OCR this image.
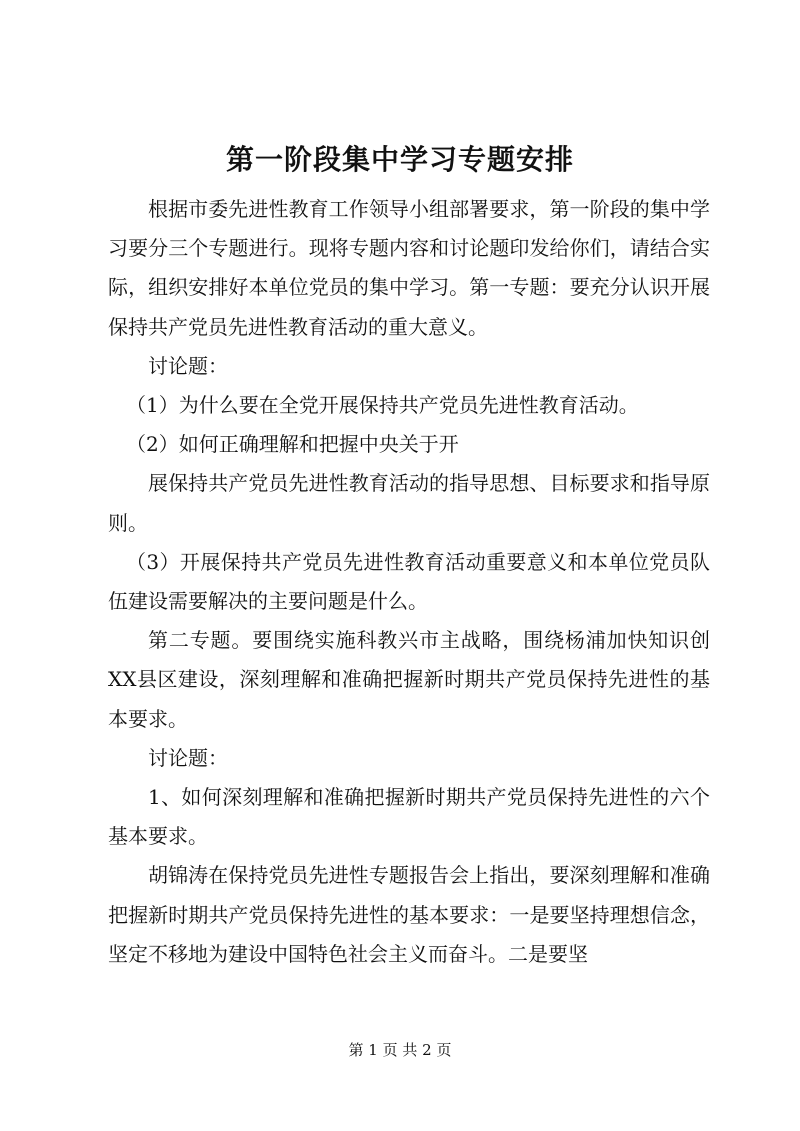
第一阶段集中学习专题安排

根据市委先进性教育工作领导小组部署要求，第一阶段的集中学习要分三个专题进行。现将专题内容和讨论题印发给你们，请结合实际，组织安排好本单位党员的集中学习。第一专题：要充分认识开展保持共产党员先进性教育活动的重大意义。

讨论题：

（1）为什么要在全党开展保持共产党员先进性教育活动。

（2）如何正确理解和把握中央关于开

展保持共产党员先进性教育活动的指导思想、目标要求和指导原则。

（3）开展保持共产党员先进性教育活动重要意义和本单位党员队伍建设需要解决的主要问题是什么。

第二专题。要围绕实施科教兴市主战略，围绕杨浦加快知识创XX县区建设，深刻理解和准确把握新时期共产党员保持先进性的基本要求。

讨论题：

1、如何深刻理解和准确把握新时期共产党员保持先进性的六个基本要求。

胡锦涛在保持党员先进性专题报告会上指出，要深刻理解和准确把握新时期共产党员保持先进性的基本要求：一是要坚持理想信念，坚定不移地为建设中国特色社会主义而奋斗。二是要坚

第 1 页 共 2 页
